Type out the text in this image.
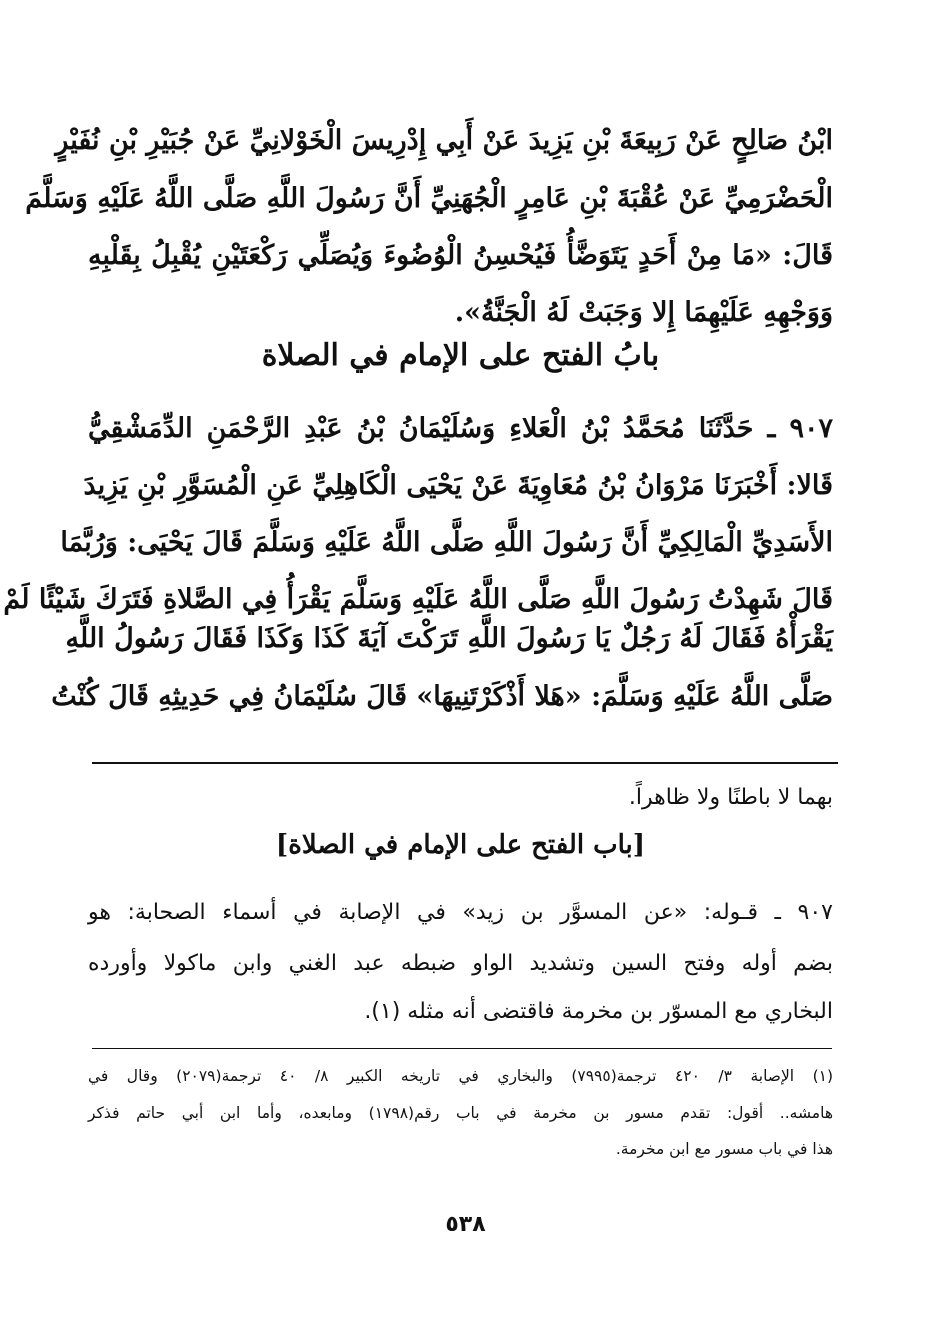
ابْنُ صَالِحٍ عَنْ رَبِيعَةَ بْنِ يَزِيدَ عَنْ أَبِي إِدْرِيسَ الْخَوْلانِيِّ عَنْ جُبَيْرِ بْنِ نُفَيْرٍ
الْحَضْرَمِيِّ عَنْ عُقْبَةَ بْنِ عَامِرٍ الْجُهَنِيِّ أَنَّ رَسُولَ اللَّهِ صَلَّى اللَّهُ عَلَيْهِ وَسَلَّمَ
قَالَ: «مَا مِنْ أَحَدٍ يَتَوَضَّأُ فَيُحْسِنُ الْوُضُوءَ وَيُصَلِّي رَكْعَتَيْنِ يُقْبِلُ بِقَلْبِهِ
وَوَجْهِهِ عَلَيْهِمَا إِلا وَجَبَتْ لَهُ الْجَنَّةُ».
بابُ الفتح على الإمام في الصلاة
٩٠٧ ـ حَدَّثَنَا مُحَمَّدُ بْنُ الْعَلاءِ وَسُلَيْمَانُ بْنُ عَبْدِ الرَّحْمَنِ الدِّمَشْقِيُّ
قَالا: أَخْبَرَنَا مَرْوَانُ بْنُ مُعَاوِيَةَ عَنْ يَحْيَى الْكَاهِلِيِّ عَنِ الْمُسَوَّرِ بْنِ يَزِيدَ
الأَسَدِيِّ الْمَالِكِيِّ أَنَّ رَسُولَ اللَّهِ صَلَّى اللَّهُ عَلَيْهِ وَسَلَّمَ قَالَ يَحْيَى: وَرُبَّمَا
قَالَ شَهِدْتُ رَسُولَ اللَّهِ صَلَّى اللَّهُ عَلَيْهِ وَسَلَّمَ يَقْرَأُ فِي الصَّلاةِ فَتَرَكَ شَيْئًا لَمْ
يَقْرَأْهُ فَقَالَ لَهُ رَجُلٌ يَا رَسُولَ اللَّهِ تَرَكْتَ آيَةَ كَذَا وَكَذَا فَقَالَ رَسُولُ اللَّهِ
صَلَّى اللَّهُ عَلَيْهِ وَسَلَّمَ: «هَلا أَذْكَرْتَنِيهَا» قَالَ سُلَيْمَانُ فِي حَدِيثِهِ قَالَ كُنْتُ
بهما لا باطنًا ولا ظاهراً.
[باب الفتح على الإمام في الصلاة]
٩٠٧ ـ قـوله: «عن المسوَّر بن زيد» في الإصابة في أسماء الصحابة: هو
بضم أوله وفتح السين وتشديد الواو ضبطه عبد الغني وابن ماكولا وأورده
البخاري مع المسوّر بن مخرمة فاقتضى أنه مثله (١).
(١) الإصابة ٣/ ٤٢٠ ترجمة(٧٩٩٥) والبخاري في تاريخه الكبير ٨/ ٤٠ ترجمة(٢٠٧٩) وقال في
هامشه.. أقول: تقدم مسور بن مخرمة في باب رقم(١٧٩٨) ومابعده، وأما ابن أبي حاتم فذكر
هذا في باب مسور مع ابن مخرمة.
٥٣٨
